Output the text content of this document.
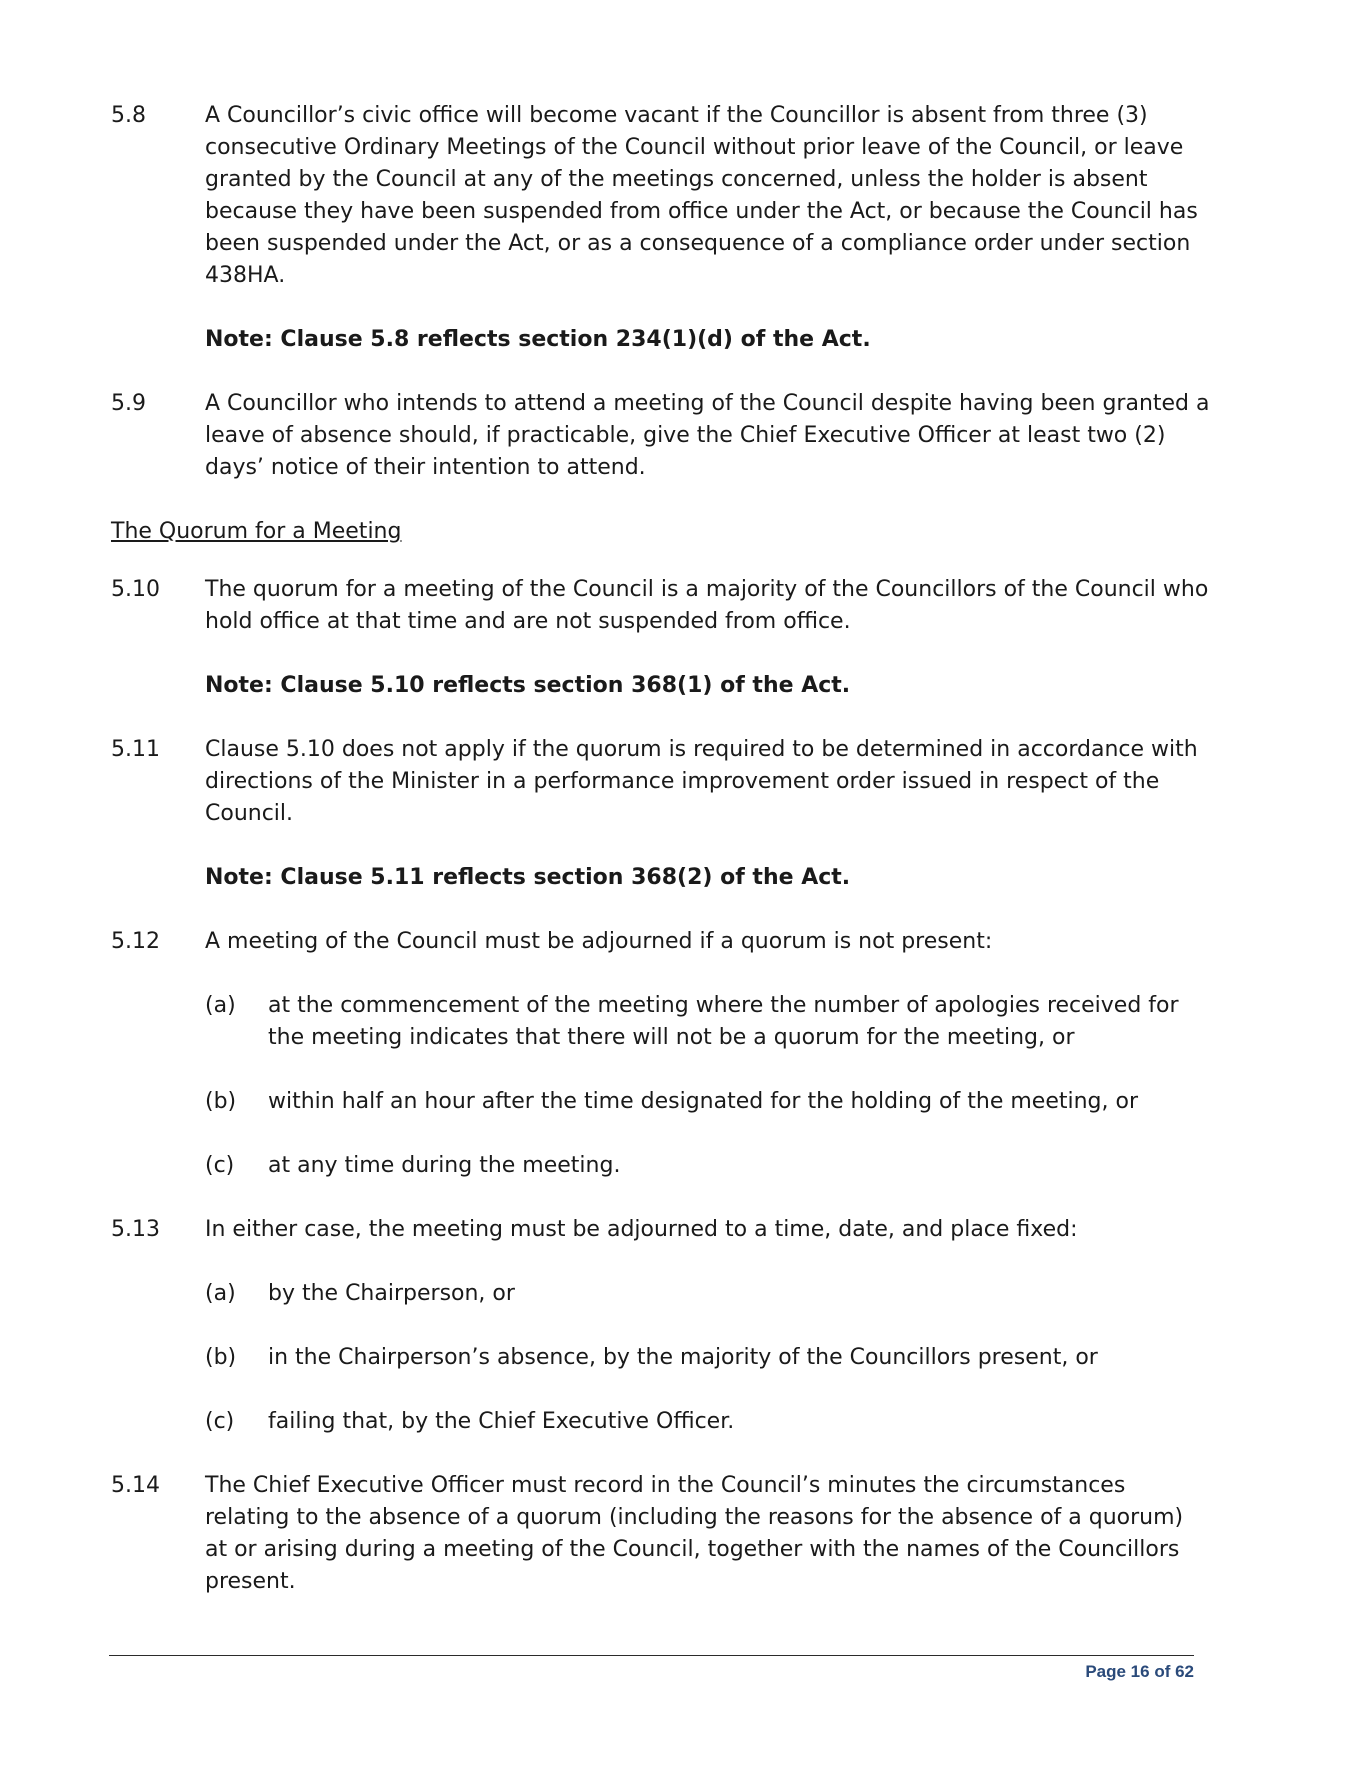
5.8	A Councillor’s civic office will become vacant if the Councillor is absent from three (3) consecutive Ordinary Meetings of the Council without prior leave of the Council, or leave granted by the Council at any of the meetings concerned, unless the holder is absent because they have been suspended from office under the Act, or because the Council has been suspended under the Act, or as a consequence of a compliance order under section 438HA.
Note: Clause 5.8 reflects section 234(1)(d) of the Act.
5.9	A Councillor who intends to attend a meeting of the Council despite having been granted a leave of absence should, if practicable, give the Chief Executive Officer at least two (2) days’ notice of their intention to attend.
The Quorum for a Meeting
5.10	The quorum for a meeting of the Council is a majority of the Councillors of the Council who hold office at that time and are not suspended from office.
Note: Clause 5.10 reflects section 368(1) of the Act.
5.11	Clause 5.10 does not apply if the quorum is required to be determined in accordance with directions of the Minister in a performance improvement order issued in respect of the Council.
Note: Clause 5.11 reflects section 368(2) of the Act.
5.12	A meeting of the Council must be adjourned if a quorum is not present:
(a)	at the commencement of the meeting where the number of apologies received for the meeting indicates that there will not be a quorum for the meeting, or
(b)	within half an hour after the time designated for the holding of the meeting, or
(c)	at any time during the meeting.
5.13	In either case, the meeting must be adjourned to a time, date, and place fixed:
(a)	by the Chairperson, or
(b)	in the Chairperson’s absence, by the majority of the Councillors present, or
(c)	failing that, by the Chief Executive Officer.
5.14	The Chief Executive Officer must record in the Council’s minutes the circumstances relating to the absence of a quorum (including the reasons for the absence of a quorum) at or arising during a meeting of the Council, together with the names of the Councillors present.
Page 16 of 62
